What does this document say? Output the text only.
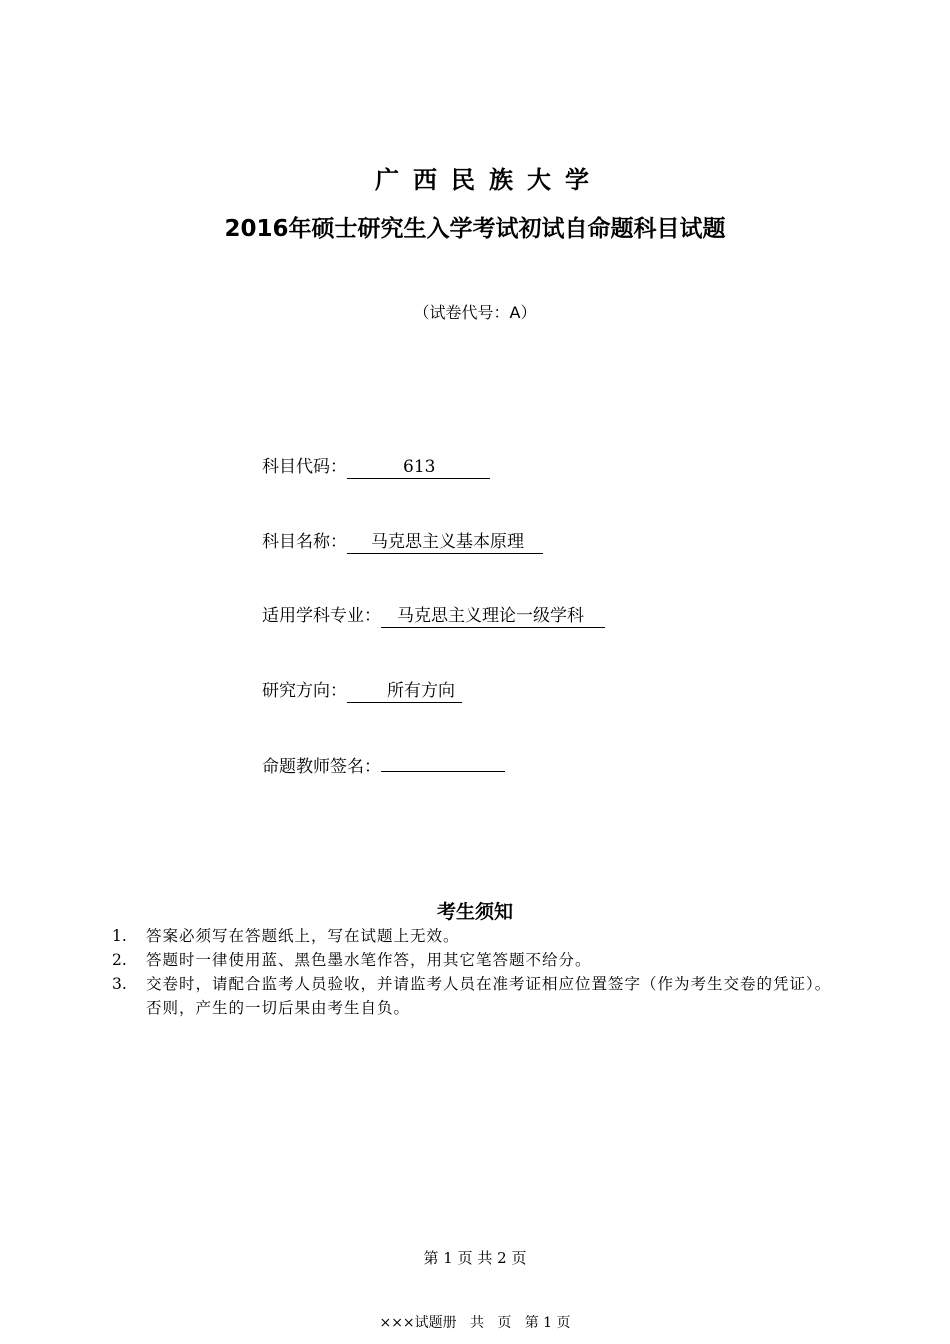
广西民族大学
2016年硕士研究生入学考试初试自命题科目试题
（试卷代号：A）
科目代码：	613
科目名称： 马克思主义基本原理
适用学科专业： 马克思主义理论一级学科
研究方向： 所有方向
命题教师签名：
考生须知
1.	答案必须写在答题纸上，写在试题上无效。
2.	答题时一律使用蓝、黑色墨水笔作答，用其它笔答题不给分。
3.	交卷时，请配合监考人员验收，并请监考人员在准考证相应位置签字（作为考生交卷的凭证）。否则，产生的一切后果由考生自负。
第 1 页 共 2 页
×××试题册   共   页   第 1 页
